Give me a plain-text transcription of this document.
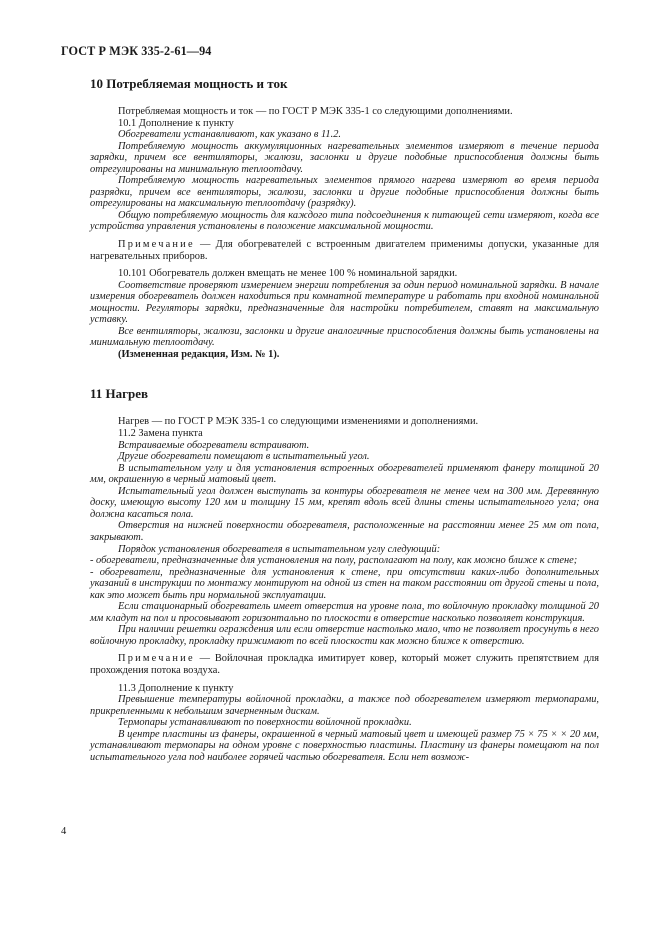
ГОСТ Р МЭК 335-2-61—94
10 Потребляемая мощность и ток

Потребляемая мощность и ток — по ГОСТ Р МЭК 335-1 со следующими дополнениями.

10.1 Дополнение к пункту

Обогреватели устанавливают, как указано в 11.2.

Потребляемую мощность аккумуляционных нагревательных элементов измеряют в течение периода зарядки, причем все вентиляторы, жалюзи, заслонки и другие подобные приспособления должны быть отрегулированы на минимальную теплоотдачу.

Потребляемую мощность нагревательных элементов прямого нагрева измеряют во время периода разрядки, причем все вентиляторы, жалюзи, заслонки и другие подобные приспособления должны быть отрегулированы на максимальную теплоотдачу (разрядку).

Общую потребляемую мощность для каждого типа подсоединения к питающей сети измеряют, когда все устройства управления установлены в положение максимальной мощности.

Примечание — Для обогревателей с встроенным двигателем применимы допуски, указанные для нагревательных приборов.

10.101 Обогреватель должен вмещать не менее 100 % номинальной зарядки.

Соответствие проверяют измерением энергии потребления за один период номинальной зарядки. В начале измерения обогреватель должен находиться при комнатной температуре и работать при входной номинальной мощности. Регуляторы зарядки, предназначенные для настройки потребителем, ставят на максимальную уставку.

Все вентиляторы, жалюзи, заслонки и другие аналогичные приспособления должны быть установлены на минимальную теплоотдачу.

(Измененная редакция, Изм. № 1).

11 Нагрев

Нагрев — по ГОСТ Р МЭК 335-1 со следующими изменениями и дополнениями.

11.2 Замена пункта

Встраиваемые обогреватели встраивают.

Другие обогреватели помещают в испытательный угол.

В испытательном углу и для установления встроенных обогревателей применяют фанеру толщиной 20 мм, окрашенную в черный матовый цвет.

Испытательный угол должен выступать за контуры обогревателя не менее чем на 300 мм. Деревянную доску, имеющую высоту 120 мм и толщину 15 мм, крепят вдоль всей длины стены испытательного угла; она должна касаться пола.

Отверстия на нижней поверхности обогревателя, расположенные на расстоянии менее 25 мм от пола, закрывают.

Порядок установления обогревателя в испытательном углу следующий:

- обогреватели, предназначенные для установления на полу, располагают на полу, как можно ближе к стене;

- обогреватели, предназначенные для установления к стене, при отсутствии каких-либо дополнительных указаний в инструкции по монтажу монтируют на одной из стен на таком расстоянии от другой стены и пола, как это может быть при нормальной эксплуатации.

Если стационарный обогреватель имеет отверстия на уровне пола, то войлочную прокладку толщиной 20 мм кладут на пол и просовывают горизонтально по плоскости в отверстие насколько позволяет конструкция.

При наличии решетки ограждения или если отверстие настолько мало, что не позволяет просунуть в него войлочную прокладку, прокладку прижимают по всей плоскости как можно ближе к отверстию.

Примечание — Войлочная прокладка имитирует ковер, который может служить препятствием для прохождения потока воздуха.

11.3 Дополнение к пункту

Превышение температуры войлочной прокладки, а также под обогревателем измеряют термопарами, прикрепленными к небольшим зачерненным дискам.

Термопары устанавливают по поверхности войлочной прокладки.

В центре пластины из фанеры, окрашенной в черный матовый цвет и имеющей размер 75 × 75 × × 20 мм, устанавливают термопары на одном уровне с поверхностью пластины. Пластину из фанеры помещают на пол испытательного угла под наиболее горячей частью обогревателя. Если нет возмож-

4
